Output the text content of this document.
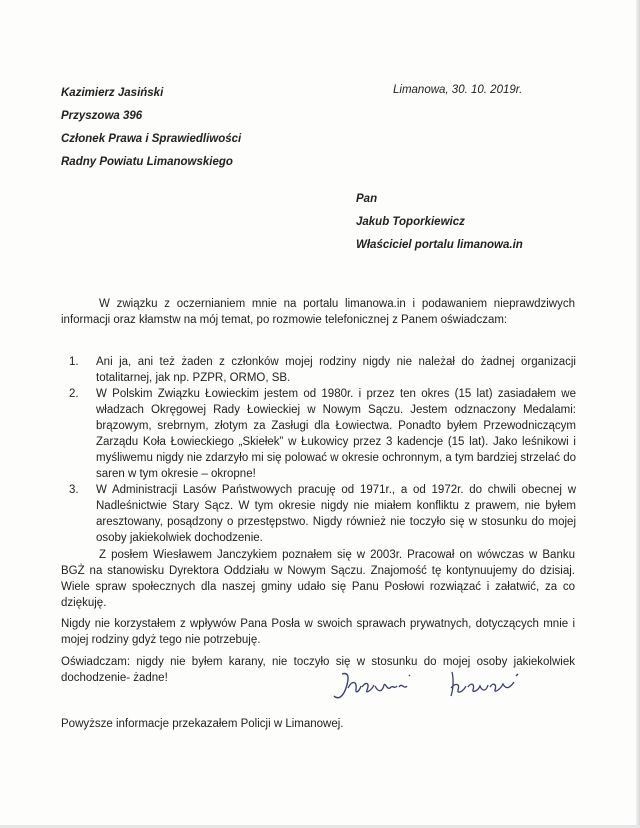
Kazimierz Jasiński
Przyszowa 396
Członek Prawa i Sprawiedliwości
Radny Powiatu Limanowskiego
Limanowa, 30. 10. 2019r.
Pan
Jakub Toporkiewicz
Właściciel portalu limanowa.in
W związku z oczernianiem mnie na portalu limanowa.in i podawaniem nieprawdziwych informacji oraz kłamstw na mój temat, po rozmowie telefonicznej z Panem oświadczam:
1. Ani ja, ani też żaden z członków mojej rodziny nigdy nie należał do żadnej organizacji totalitarnej, jak np. PZPR, ORMO, SB.
2. W Polskim Związku Łowieckim jestem od 1980r. i przez ten okres (15 lat) zasiadałem we władzach Okręgowej Rady Łowieckiej w Nowym Sączu. Jestem odznaczony Medalami: brązowym, srebrnym, złotym za Zasługi dla Łowiectwa. Ponadto byłem Przewodniczącym Zarządu Koła Łowieckiego „Skiełek” w Łukowicy przez 3 kadencje (15 lat). Jako leśnikowi i myśliwemu nigdy nie zdarzyło mi się polować w okresie ochronnym, a tym bardziej strzelać do saren w tym okresie – okropne!
3. W Administracji Lasów Państwowych pracuję od 1971r., a od 1972r. do chwili obecnej w Nadleśnictwie Stary Sącz. W tym okresie nigdy nie miałem konfliktu z prawem, nie byłem aresztowany, posądzony o przestępstwo. Nigdy również nie toczyło się w stosunku do mojej osoby jakiekolwiek dochodzenie.
Z posłem Wiesławem Janczykiem poznałem się w 2003r. Pracował on wówczas w Banku BGŻ na stanowisku Dyrektora Oddziału w Nowym Sączu. Znajomość tę kontynuujemy do dzisiaj. Wiele spraw społecznych dla naszej gminy udało się Panu Posłowi rozwiązać i załatwić, za co dziękuję.
Nigdy nie korzystałem z wpływów Pana Posła w swoich sprawach prywatnych, dotyczących mnie i mojej rodziny gdyż tego nie potrzebuję.
Oświadczam: nigdy nie byłem karany, nie toczyło się w stosunku do mojej osoby jakiekolwiek dochodzenie- żadne!
Powyższe informacje przekazałem Policji w Limanowej.
